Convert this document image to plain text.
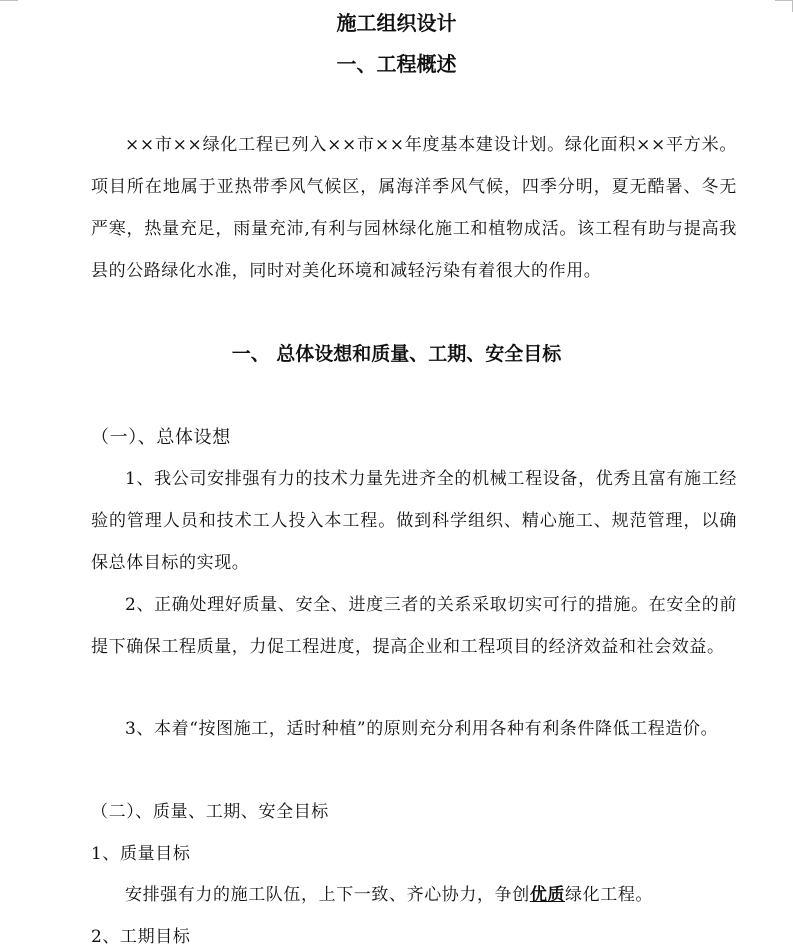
施工组织设计
一、工程概述
××市××绿化工程已列入××市××年度基本建设计划。绿化面积××平方米。项目所在地属于亚热带季风气候区，属海洋季风气候，四季分明，夏无酷暑、冬无严寒，热量充足，雨量充沛,有利与园林绿化施工和植物成活。该工程有助与提高我县的公路绿化水准，同时对美化环境和减轻污染有着很大的作用。
一、 总体设想和质量、工期、安全目标
（一）、总体设想
1、我公司安排强有力的技术力量先进齐全的机械工程设备，优秀且富有施工经验的管理人员和技术工人投入本工程。做到科学组织、精心施工、规范管理，以确保总体目标的实现。
2、正确处理好质量、安全、进度三者的关系采取切实可行的措施。在安全的前提下确保工程质量，力促工程进度，提高企业和工程项目的经济效益和社会效益。
3、本着“按图施工，适时种植”的原则充分利用各种有利条件降低工程造价。
（二）、质量、工期、安全目标
1、质量目标
安排强有力的施工队伍，上下一致、齐心协力，争创优质绿化工程。
2、工期目标
